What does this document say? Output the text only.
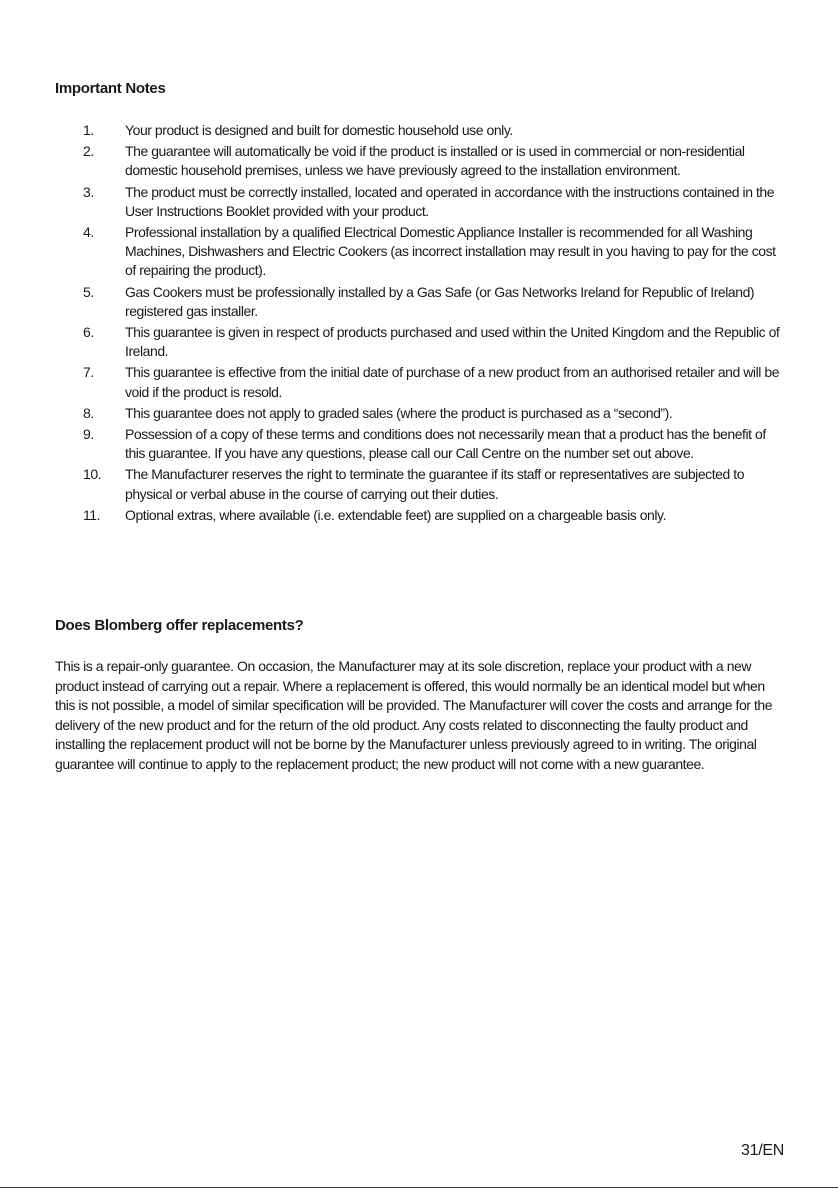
Important Notes
1.	Your product is designed and built for domestic household use only.
2.	The guarantee will automatically be void if the product is installed or is used in commercial or non-residential domestic household premises, unless we have previously agreed to the installation environment.
3.	The product must be correctly installed, located and operated in accordance with the instructions contained in the User Instructions Booklet provided with your product.
4.	Professional installation by a qualified Electrical Domestic Appliance Installer is recommended for all Washing Machines, Dishwashers and Electric Cookers (as incorrect installation may result in you having to pay for the cost of repairing the product).
5.	Gas Cookers must be professionally installed by a Gas Safe (or Gas Networks Ireland for Republic of Ireland) registered gas installer.
6.	This guarantee is given in respect of products purchased and used within the United Kingdom and the Republic of Ireland.
7.	This guarantee is effective from the initial date of purchase of a new product from an authorised retailer and will be void if the product is resold.
8.	This guarantee does not apply to graded sales (where the product is purchased as a “second”).
9.	Possession of a copy of these terms and conditions does not necessarily mean that a product has the benefit of this guarantee. If you have any questions, please call our Call Centre on the number set out above.
10.	The Manufacturer reserves the right to terminate the guarantee if its staff or representatives are subjected to physical or verbal abuse in the course of carrying out their duties.
11.	Optional extras, where available (i.e. extendable feet) are supplied on a chargeable basis only.
Does Blomberg offer replacements?

This is a repair-only guarantee. On occasion, the Manufacturer may at its sole discretion, replace your product with a new product instead of carrying out a repair. Where a replacement is offered, this would normally be an identical model but when this is not possible, a model of similar specification will be provided. The Manufacturer will cover the costs and arrange for the delivery of the new product and for the return of the old product. Any costs related to disconnecting the faulty product and installing the replacement product will not be borne by the Manufacturer unless previously agreed to in writing. The original guarantee will continue to apply to the replacement product; the new product will not come with a new guarantee.

31/EN
